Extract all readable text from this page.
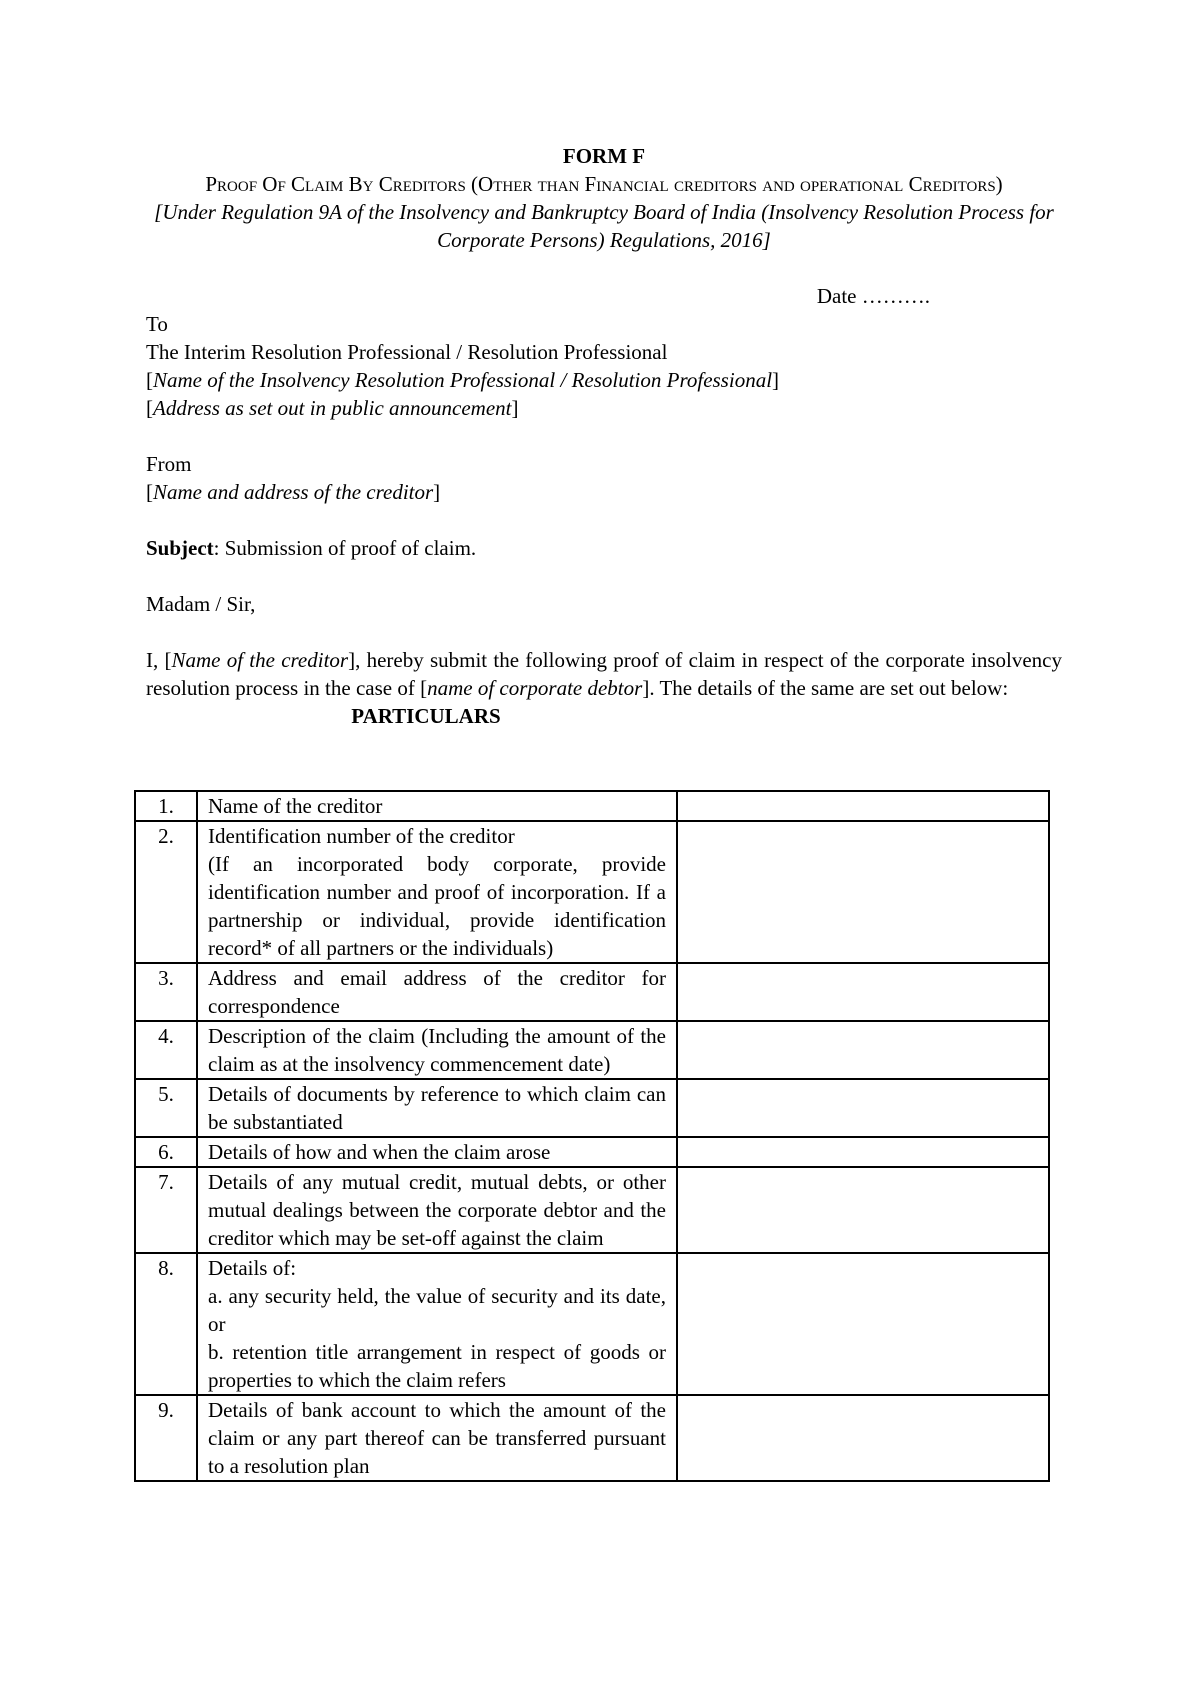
FORM F

Proof Of Claim By Creditors (Other than Financial creditors and operational Creditors)

[Under Regulation 9A of the Insolvency and Bankruptcy Board of India (Insolvency Resolution Process for Corporate Persons) Regulations, 2016]

Date ……….

To

The Interim Resolution Professional / Resolution Professional

[Name of the Insolvency Resolution Professional / Resolution Professional]

[Address as set out in public announcement]

From

[Name and address of the creditor]

Subject: Submission of proof of claim.

Madam / Sir,

I, [Name of the creditor], hereby submit the following proof of claim in respect of the corporate insolvency resolution process in the case of [name of corporate debtor]. The details of the same are set out below:

PARTICULARS

1.	Name of the creditor	

2.	Identification number of the creditor
(If an incorporated body corporate, provide identification number and proof of incorporation. If a partnership or individual, provide identification record* of all partners or the individuals)	

3.	Address and email address of the creditor for correspondence	

4.	Description of the claim (Including the amount of the claim as at the insolvency commencement date)	

5.	Details of documents by reference to which claim can be substantiated	

6.	Details of how and when the claim arose	

7.	Details of any mutual credit, mutual debts, or other mutual dealings between the corporate debtor and the creditor which may be set-off against the claim	

8.	Details of:
a. any security held, the value of security and its date, or
b. retention title arrangement in respect of goods or properties to which the claim refers	

9.	Details of bank account to which the amount of the claim or any part thereof can be transferred pursuant to a resolution plan	
